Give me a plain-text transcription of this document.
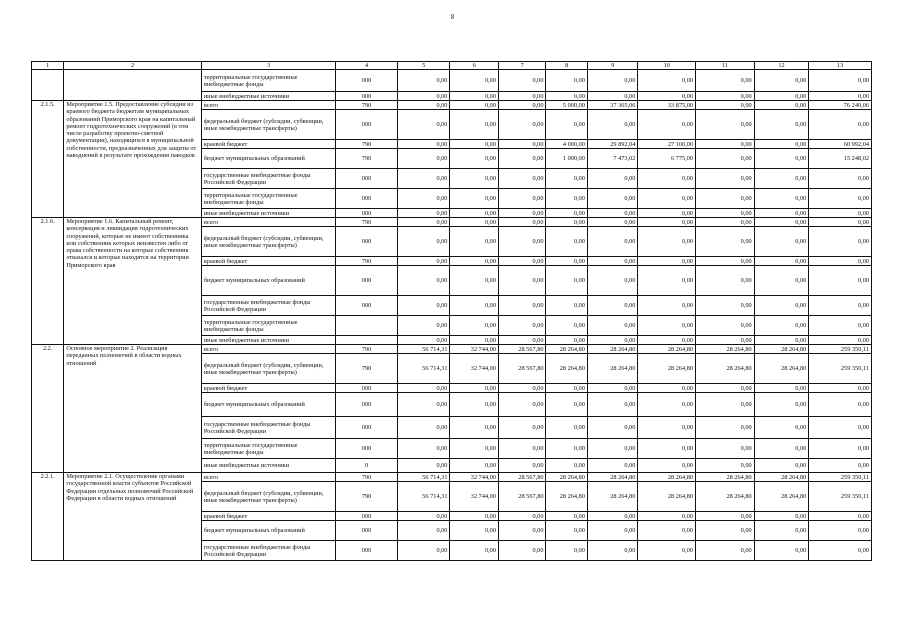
8
1	2	3	4	5	6	7	8	9	10	11	12	13
		территориальные государственные внебюджетные фонды	000	0,00	0,00	0,00	0,00	0,00	0,00	0,00	0,00	0,00
		иные внебюджетные источники	000	0,00	0,00	0,00	0,00	0,00	0,00	0,00	0,00	0,00
2.1.5.	Мероприятие 1.5. Предоставление субсидии из краевого бюджета бюджетам муниципальных образований Приморского края на капитальный ремонт гидротехнических сооружений (в том числе разработку проектно-сметной документации), находящихся в муниципальной собственности, предназначенных для защиты от наводнений в результате прохождения паводков	всего	790	0,00	0,00	0,00	5 000,00	37 365,06	33 875,00	0,00	0,00	76 240,06
		федеральный бюджет (субсидии, субвенции, иные межбюджетные трансферты)	000	0,00	0,00	0,00	0,00	0,00	0,00	0,00	0,00	0,00
		краевой бюджет	790	0,00	0,00	0,00	4 000,00	29 892,04	27 100,00	0,00	0,00	60 992,04
		бюджет муниципальных образований	790	0,00	0,00	0,00	1 000,00	7 473,02	6 775,00	0,00	0,00	15 248,02
		государственные внебюджетные фонды Российской Федерации	000	0,00	0,00	0,00	0,00	0,00	0,00	0,00	0,00	0,00
		территориальные государственные внебюджетные фонды	000	0,00	0,00	0,00	0,00	0,00	0,00	0,00	0,00	0,00
		иные внебюджетные источники	000	0,00	0,00	0,00	0,00	0,00	0,00	0,00	0,00	0,00
2.1.6.	Мероприятие 1.6. Капитальный ремонт, консервация и ликвидация гидротехнических сооружений, которые не имеют собственника или собственник которых неизвестен либо от права собственности на которые собственник отказался и которые находятся на территории Приморского края	всего	790	0,00	0,00	0,00	0,00	0,00	0,00	0,00	0,00	0,00
		федеральный бюджет (субсидии, субвенции, иные межбюджетные трансферты)	000	0,00	0,00	0,00	0,00	0,00	0,00	0,00	0,00	0,00
		краевой бюджет	790	0,00	0,00	0,00	0,00	0,00	0,00	0,00	0,00	0,00
		бюджет муниципальных образований	000	0,00	0,00	0,00	0,00	0,00	0,00	0,00	0,00	0,00
		государственные внебюджетные фонды Российской Федерации	000	0,00	0,00	0,00	0,00	0,00	0,00	0,00	0,00	0,00
		территориальные государственные внебюджетные фонды		0,00	0,00	0,00	0,00	0,00	0,00	0,00	0,00	0,00
		иные внебюджетные источники		0,00	0,00	0,00	0,00	0,00	0,00	0,00	0,00	0,00
2.2.	Основное мероприятие 2. Реализация переданных полномочий в области водных отношений	всего	790	56 714,31	32 744,00	28 567,80	28 264,80	28 264,80	28 264,80	28 264,80	28 264,80	259 350,11
		федеральный бюджет (субсидии, субвенции, иные межбюджетные трансферты)	790	56 714,31	32 744,00	28 567,80	28 264,80	28 264,80	28 264,80	28 264,80	28 264,80	259 350,11
		краевой бюджет	000	0,00	0,00	0,00	0,00	0,00	0,00	0,00	0,00	0,00
		бюджет муниципальных образований	000	0,00	0,00	0,00	0,00	0,00	0,00	0,00	0,00	0,00
		государственные внебюджетные фонды Российской Федерации	000	0,00	0,00	0,00	0,00	0,00	0,00	0,00	0,00	0,00
		территориальные государственные внебюджетные фонды	000	0,00	0,00	0,00	0,00	0,00	0,00	0,00	0,00	0,00
		иные внебюджетные источники	0	0,00	0,00	0,00	0,00	0,00	0,00	0,00	0,00	0,00
2.2.1.	Мероприятие 2.1. Осуществление органами государственной власти субъектов Российской Федерации отдельных полномочий Российской Федерации в области водных отношений	всего	790	56 714,31	32 744,00	28 567,80	28 264,80	28 264,80	28 264,80	28 264,80	28 264,80	259 350,11
		федеральный бюджет (субсидии, субвенции, иные межбюджетные трансферты)	790	56 714,31	32 744,00	28 567,80	28 264,80	28 264,80	28 264,80	28 264,80	28 264,80	259 350,11
		краевой бюджет	000	0,00	0,00	0,00	0,00	0,00	0,00	0,00	0,00	0,00
		бюджет муниципальных образований	000	0,00	0,00	0,00	0,00	0,00	0,00	0,00	0,00	0,00
		государственные внебюджетные фонды Российской Федерации	000	0,00	0,00	0,00	0,00	0,00	0,00	0,00	0,00	0,00
